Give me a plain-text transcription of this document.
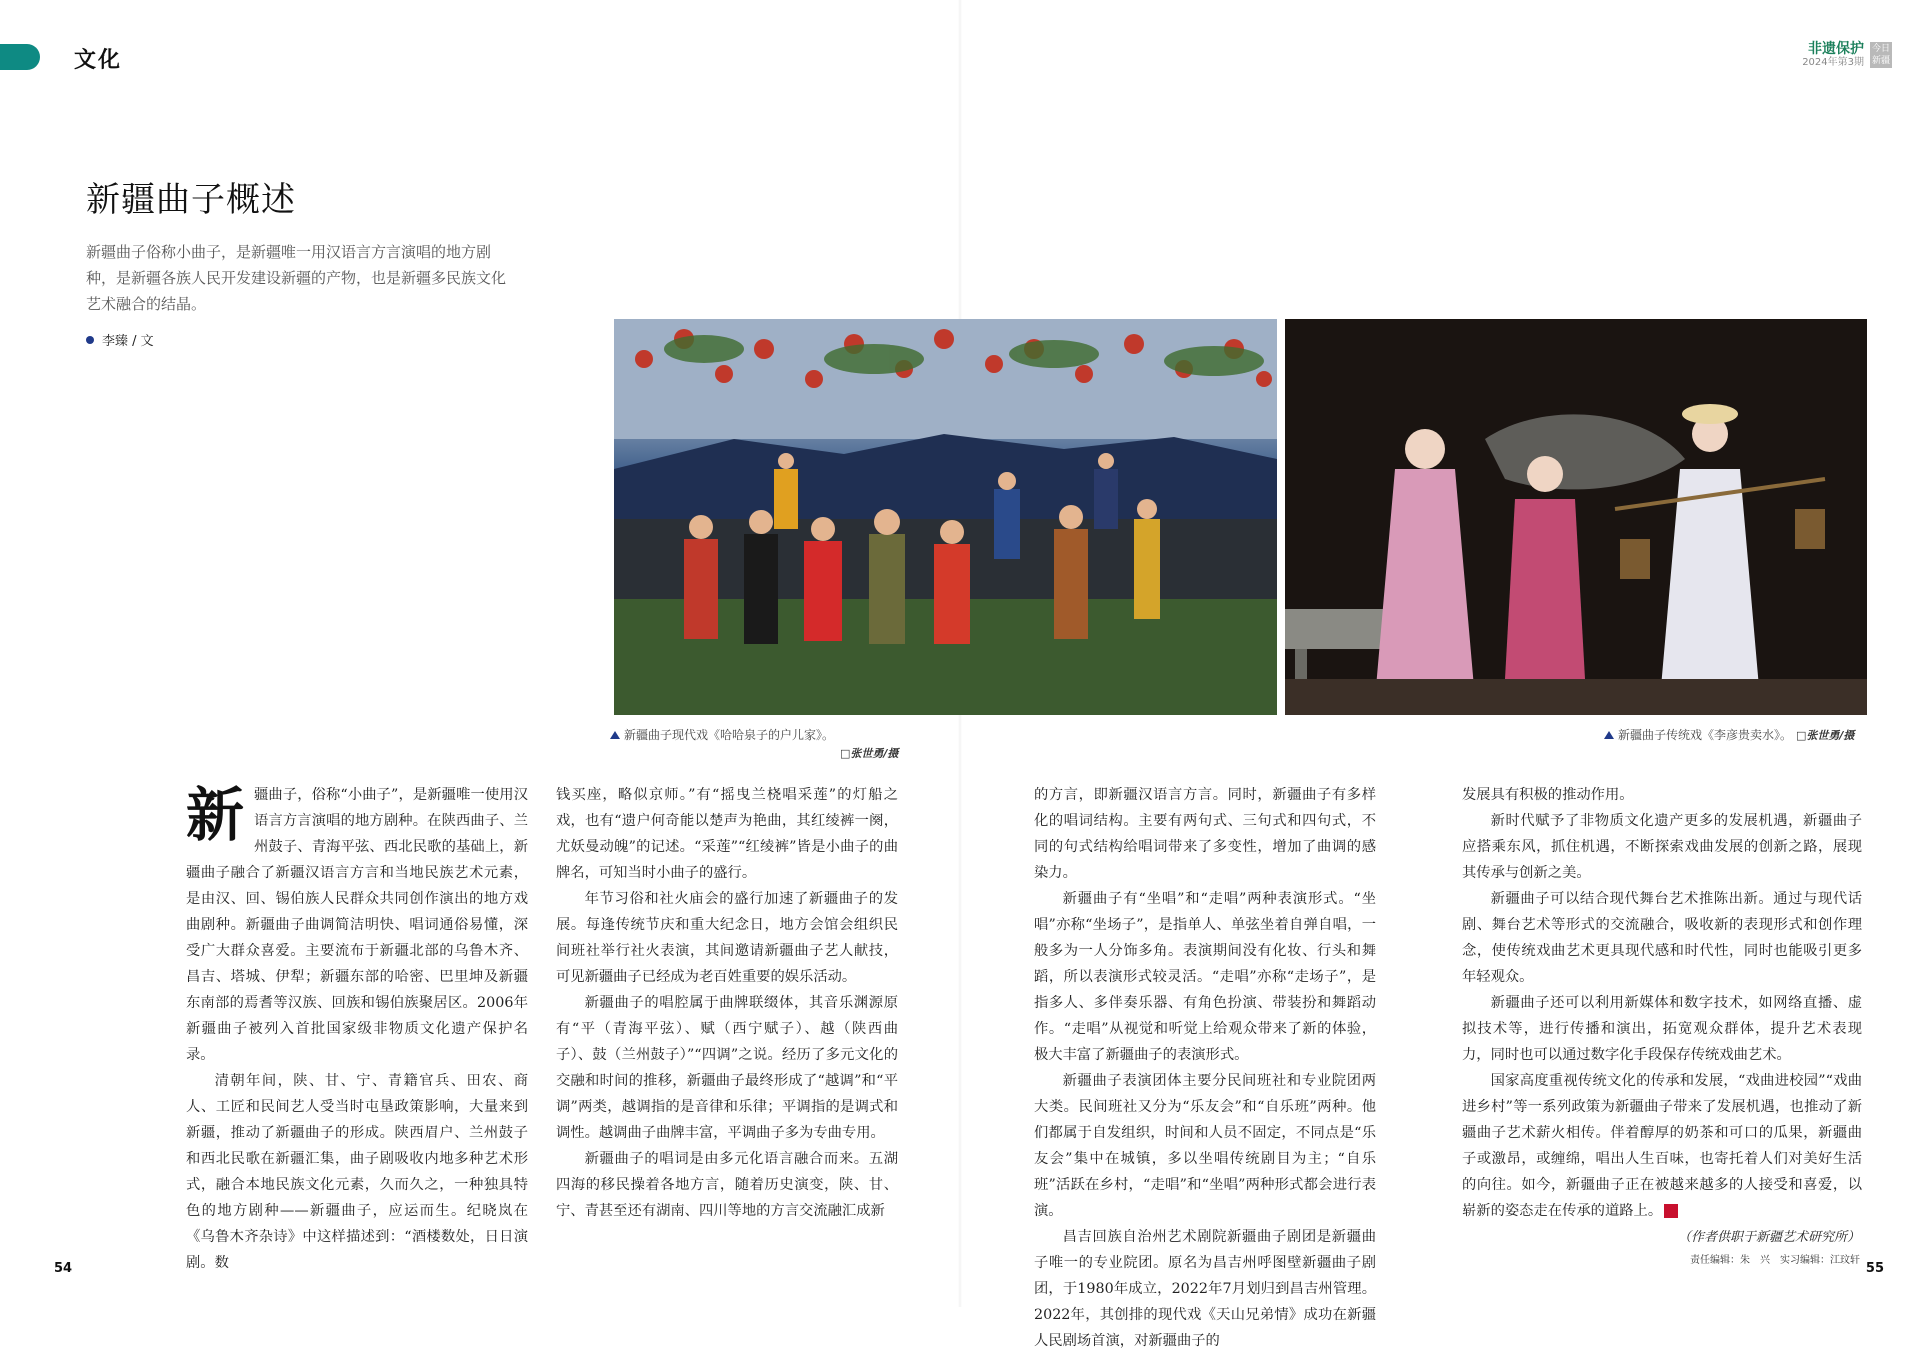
文化	非遗保护
2024年第3期
今日新疆
新疆曲子概述
新疆曲子俗称小曲子，是新疆唯一用汉语言方言演唱的地方剧种，是新疆各族人民开发建设新疆的产物，也是新疆多民族文化艺术融合的结晶。
李臻 / 文
新疆曲子现代戏《哈哈泉子的户儿家》。
□张世勇/摄
新疆曲子传统戏《李彦贵卖水》。 □张世勇/摄

新疆曲子，俗称“小曲子”，是新疆唯一使用汉语言方言演唱的地方剧种。在陕西曲子、兰州鼓子、青海平弦、西北民歌的基础上，新疆曲子融合了新疆汉语言方言和当地民族艺术元素，是由汉、回、锡伯族人民群众共同创作演出的地方戏曲剧种。新疆曲子曲调简洁明快、唱词通俗易懂，深受广大群众喜爱。主要流布于新疆北部的乌鲁木齐、昌吉、塔城、伊犁；新疆东部的哈密、巴里坤及新疆东南部的焉耆等汉族、回族和锡伯族聚居区。2006年新疆曲子被列入首批国家级非物质文化遗产保护名录。

清朝年间，陕、甘、宁、青籍官兵、田农、商人、工匠和民间艺人受当时屯垦政策影响，大量来到新疆，推动了新疆曲子的形成。陕西眉户、兰州鼓子和西北民歌在新疆汇集，曲子剧吸收内地多种艺术形式，融合本地民族文化元素，久而久之，一种独具特色的地方剧种——新疆曲子，应运而生。纪晓岚在《乌鲁木齐杂诗》中这样描述到：“酒楼数处，日日演剧。数

钱买座，略似京师。”有“摇曳兰桡唱采莲”的灯船之戏，也有“遗户何奇能以楚声为艳曲，其红绫裤一阕，尤妖曼动魄”的记述。“采莲”“红绫裤”皆是小曲子的曲牌名，可知当时小曲子的盛行。

年节习俗和社火庙会的盛行加速了新疆曲子的发展。每逢传统节庆和重大纪念日，地方会馆会组织民间班社举行社火表演，其间邀请新疆曲子艺人献技，可见新疆曲子已经成为老百姓重要的娱乐活动。

新疆曲子的唱腔属于曲牌联缀体，其音乐渊源原有“平（青海平弦）、赋（西宁赋子）、越（陕西曲子）、鼓（兰州鼓子）”“四调”之说。经历了多元文化的交融和时间的推移，新疆曲子最终形成了“越调”和“平调”两类，越调指的是音律和乐律；平调指的是调式和调性。越调曲子曲牌丰富，平调曲子多为专曲专用。

新疆曲子的唱词是由多元化语言融合而来。五湖四海的移民操着各地方言，随着历史演变，陕、甘、宁、青甚至还有湖南、四川等地的方言交流融汇成新

的方言，即新疆汉语言方言。同时，新疆曲子有多样化的唱词结构。主要有两句式、三句式和四句式，不同的句式结构给唱词带来了多变性，增加了曲调的感染力。

新疆曲子有“坐唱”和“走唱”两种表演形式。“坐唱”亦称“坐场子”，是指单人、单弦坐着自弹自唱，一般多为一人分饰多角。表演期间没有化妆、行头和舞蹈，所以表演形式较灵活。“走唱”亦称“走场子”，是指多人、多伴奏乐器、有角色扮演、带装扮和舞蹈动作。“走唱”从视觉和听觉上给观众带来了新的体验，极大丰富了新疆曲子的表演形式。

新疆曲子表演团体主要分民间班社和专业院团两大类。民间班社又分为“乐友会”和“自乐班”两种。他们都属于自发组织，时间和人员不固定，不同点是“乐友会”集中在城镇，多以坐唱传统剧目为主；“自乐班”活跃在乡村，“走唱”和“坐唱”两种形式都会进行表演。

昌吉回族自治州艺术剧院新疆曲子剧团是新疆曲子唯一的专业院团。原名为昌吉州呼图壁新疆曲子剧团，于1980年成立，2022年7月划归到昌吉州管理。2022年，其创排的现代戏《天山兄弟情》成功在新疆人民剧场首演，对新疆曲子的

发展具有积极的推动作用。

新时代赋予了非物质文化遗产更多的发展机遇，新疆曲子应搭乘东风，抓住机遇，不断探索戏曲发展的创新之路，展现其传承与创新之美。

新疆曲子可以结合现代舞台艺术推陈出新。通过与现代话剧、舞台艺术等形式的交流融合，吸收新的表现形式和创作理念，使传统戏曲艺术更具现代感和时代性，同时也能吸引更多年轻观众。

新疆曲子还可以利用新媒体和数字技术，如网络直播、虚拟技术等，进行传播和演出，拓宽观众群体，提升艺术表现力，同时也可以通过数字化手段保存传统戏曲艺术。

国家高度重视传统文化的传承和发展，“戏曲进校园”“戏曲进乡村”等一系列政策为新疆曲子带来了发展机遇，也推动了新疆曲子艺术薪火相传。伴着醇厚的奶茶和可口的瓜果，新疆曲子或激昂，或缠绵，唱出人生百味，也寄托着人们对美好生活的向往。如今，新疆曲子正在被越来越多的人接受和喜爱，以崭新的姿态走在传承的道路上。	J

（作者供职于新疆艺术研究所）
责任编辑：朱　兴　实习编辑：江玟轩
54	55
